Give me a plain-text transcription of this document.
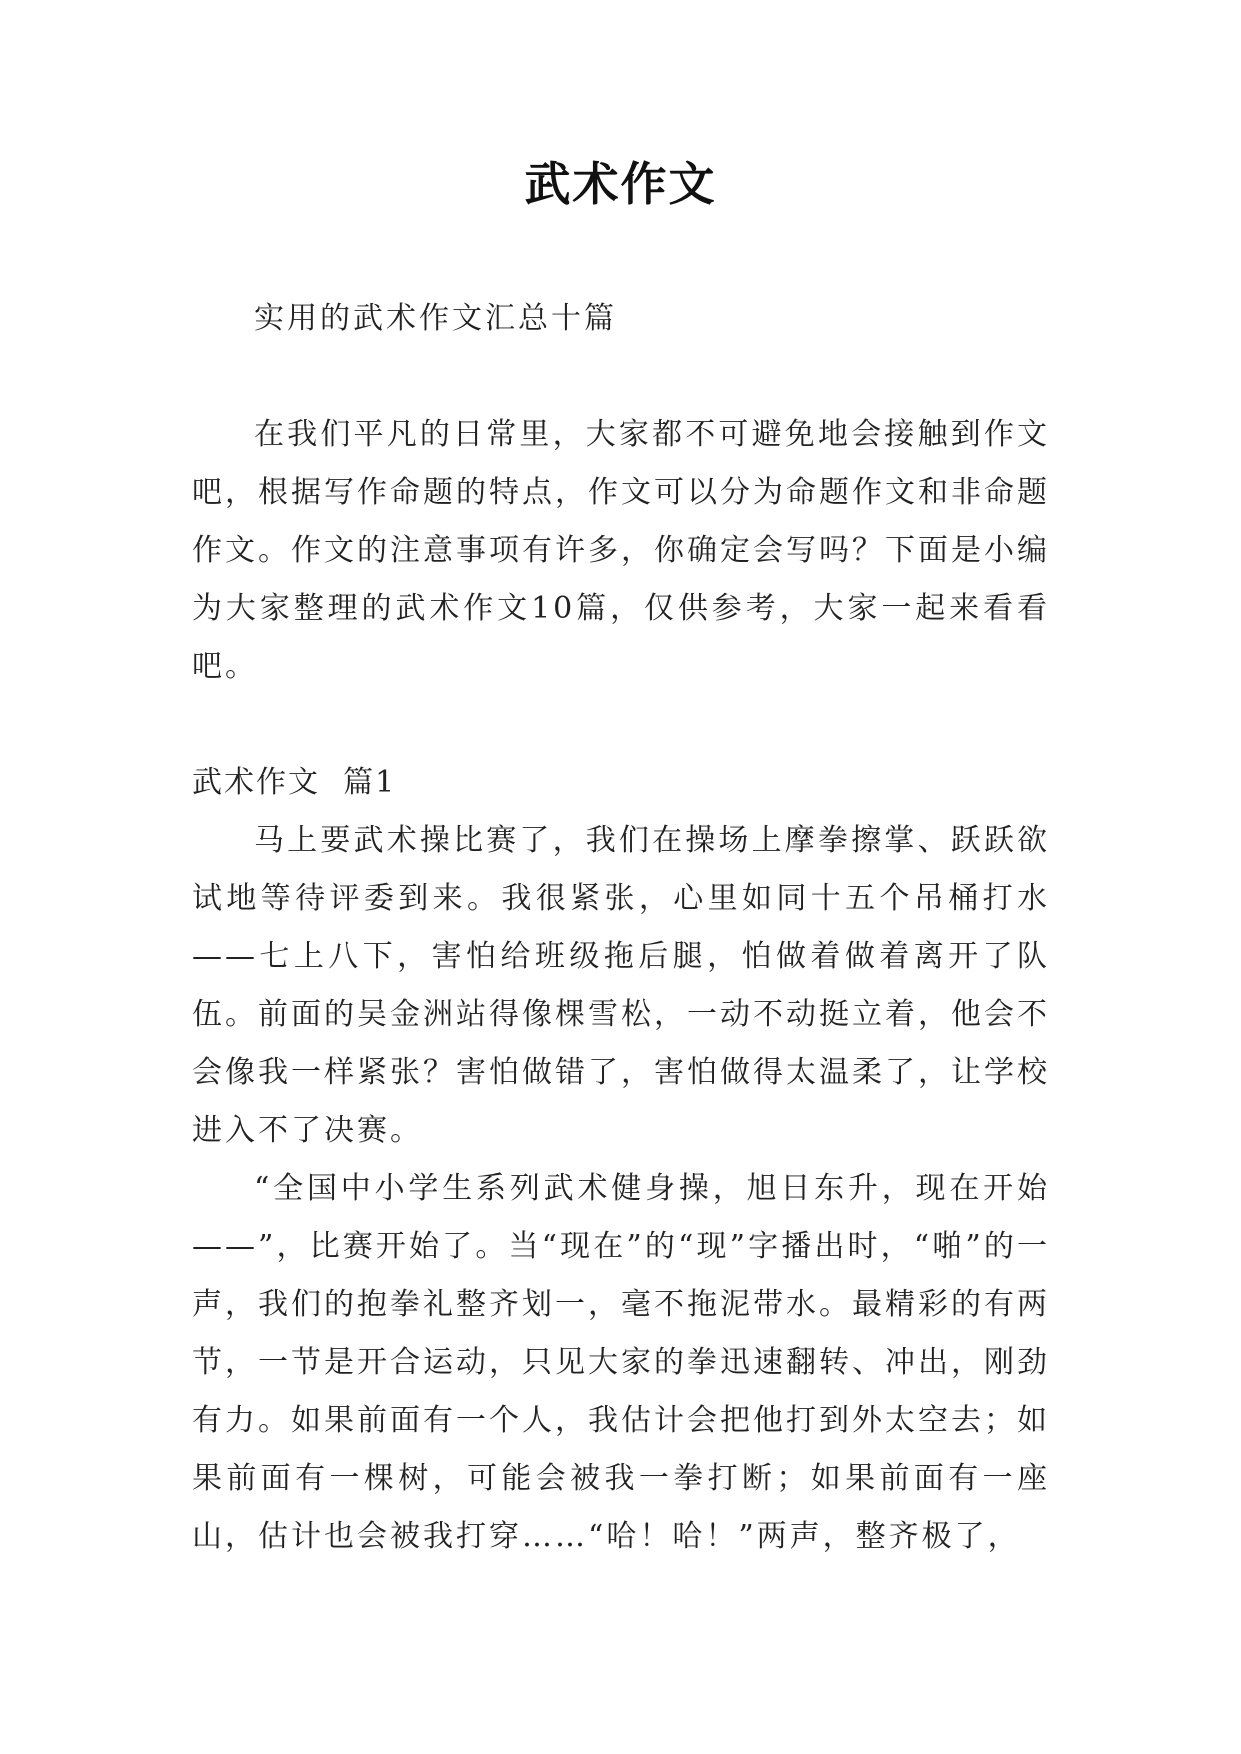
武术作文

实用的武术作文汇总十篇

在我们平凡的日常里，大家都不可避免地会接触到作文吧，根据写作命题的特点，作文可以分为命题作文和非命题作文。作文的注意事项有许多，你确定会写吗？下面是小编为大家整理的武术作文10篇，仅供参考，大家一起来看看吧。

武术作文  篇1

马上要武术操比赛了，我们在操场上摩拳擦掌、跃跃欲试地等待评委到来。我很紧张，心里如同十五个吊桶打水——七上八下，害怕给班级拖后腿，怕做着做着离开了队伍。前面的吴金洲站得像棵雪松，一动不动挺立着，他会不会像我一样紧张？害怕做错了，害怕做得太温柔了，让学校进入不了决赛。

“全国中小学生系列武术健身操，旭日东升，现在开始——”，比赛开始了。当“现在”的“现”字播出时，“啪”的一声，我们的抱拳礼整齐划一，毫不拖泥带水。最精彩的有两节，一节是开合运动，只见大家的拳迅速翻转、冲出，刚劲有力。如果前面有一个人，我估计会把他打到外太空去；如果前面有一棵树，可能会被我一拳打断；如果前面有一座山，估计也会被我打穿……“哈！哈！”两声，整齐极了，
